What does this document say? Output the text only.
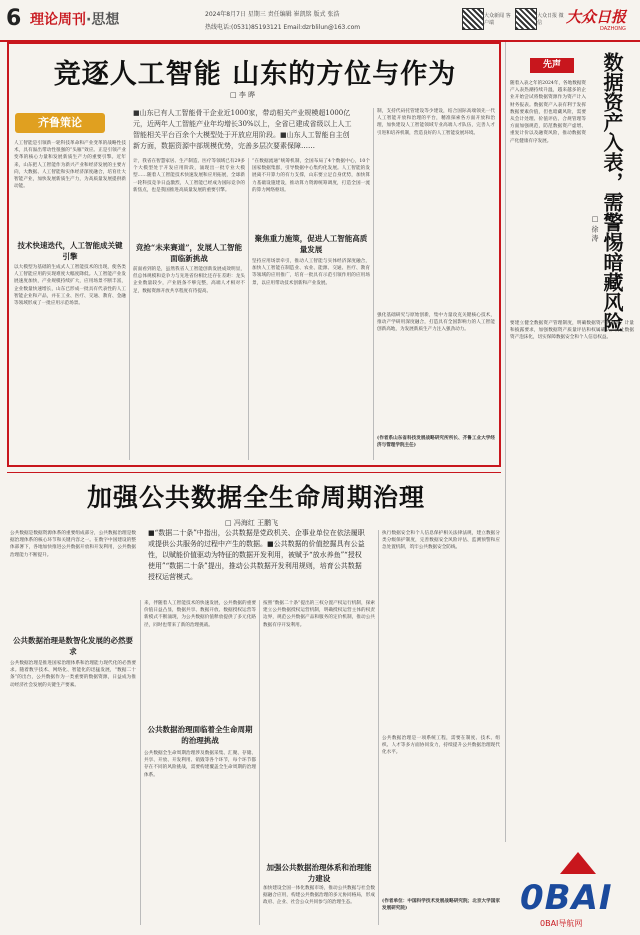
6 理论周刊·思想	2024年8月7日 星期三 责任编辑 崔凯铭 版式 张浩
热线电话:(0531)85193121 Email:dzrblilun@163.com
大众新闻 客户端
大众日报 微信	大众日报
DAZHONG
竞逐人工智能 山东的方位与作为
□ 李 晔
齐鲁策论
■山东已有人工智能骨干企业近1000家，带动相关产业规模超1000亿元，近两年人工智能产业年均增长30%以上，全省已建成省级以上人工智能相关平台百余个大模型处于开放应用阶段。■山东人工智能自主创新方面，数据资源中部规模优势，完善多层次要素保障……
人工智能是引领新一轮科技革命和产业变革的战略性技术，具有溢出带动性很强的“头雁”效应。正是引领产业变革的核心力量和发展新质生产力的重要引擎。近年来，山东把人工智能作为新兴产业和经济发展的主要方向，大数据、人工智能和实体经济深度融合，培育壮大智能产业，加快发展新质生产力，为高质量发展提供新动能。
技术快速迭代，人工智能成关键引擎
以大模型为基础的生成式人工智能技术的出现，使各类人工智能应用的实现难度大幅度降低。人工智能产业发展速度加快，产业规模持续扩大，应用场景不断丰富，企业数量快速增长，山东已形成一批具有代表性的人工智能企业和产品，并在工业、医疗、交通、教育、金融等领域形成了一批应用示范场景。
计，我省在智慧家居、生产制造、医疗等领域已有29多个大模型处于开发应用阶段，涌现出一批专业大模型……随着人工智能技术快速发展和应用拓展，全球新一轮科技竞争日益激烈，人工智能已经成为国际竞争的新焦点，也是我国推进高质量发展的重要引擎。
竞抢“未来赛道”，发展人工智能面临新挑战
前面看到的是，虽然我省人工智能创新发展成效明显，但总体规模和竞争力与先进省份相比还存在差距：龙头企业数量较少，产业链条不够完整，高端人才相对不足，数据资源开放共享程度有待提高。
“在数据流通”统筹机制，全国布局了4个数据中心，10个国家数据集群，引导数据中心集约化发展。人工智能的发展离不开算力的有力支撑，山东要立足自身优势，加快算力基础设施建设，推动算力资源统筹调度，打造全国一流的算力网络枢纽。
聚焦重力施策，促进人工智能高质量发展
坚持应用场景牵引，推动人工智能与实体经济深度融合，加快人工智能在制造业、农业、能源、交通、医疗、教育等领域的应用推广，培育一批具有示范引领作用的应用场景，以应用带动技术创新和产业发展。
制，支持代码托管建设等少建设，结合国际高端领先一代人工智能开放和治理的平台，精准探索各方面开放和治理，加快建设人工智能领域专业高端人才队伍，完善人才引进和培养机制，营造良好的人工智能发展环境。
强化基础研究与原始创新，集中力量攻克关键核心技术，推动产学研用深度融合，打造具有全国影响力的人工智能创新高地，为发展新质生产力注入强劲动力。
(作者系山东省科技发展战略研究所所长、齐鲁工业大学经济与管理学院主任)
先声	数据资产入表，需警惕暗藏风险
□ 徐 涛
随着入表之年的2024年，各地数据资产入表热潮持续升温，越来越多的企业开始尝试将数据资源作为资产计入财务报表。数据资产入表有利于发挥数据要素价值，但也暗藏风险，需要从会计处理、价值评估、合规管理等方面加强规范，防范数据资产虚增、重复计价以及融资风险，推动数据资产化健康有序发展。
要建立健全数据资产管理制度，明确数据资产的确认、计量和披露要求，加强数据资产质量评估和权属确认，防止数据资产泡沫化，切实保障数据安全和个人信息权益。
加强公共数据全生命周期治理
□ 冯海红 王鹏飞
■“数据二十条”中指出，公共数据是党政机关、企事业单位在依法履职或提供公共服务的过程中产生的数据。■公共数据的价值挖掘具有公益性，以赋能价值驱动为特征的数据开发利用，被赋予“放水养鱼”“授权使用”“数据二十条”提出，推动公共数据开发利用规则，培育公共数据授权运营模式。
公共数据是数据资源体系的重要组成部分，公共数据治理是数据治理体系的核心环节和关键内容之一。在数字中国建设的整体部署下，各地加快推进公共数据开放和开发利用，公共数据治理能力不断提升。
公共数据治理是数智化发展的必然要求
公共数据治理是推进国家治理体系和治理能力现代化的必然要求。随着数字技术、网络化、智能化的迅猛发展，“数据二十条”的出台，公共数据作为一类重要的数据资源，日益成为推动经济社会发展的关键生产要素。
来，伴随着人工智能技术的快速发展，公共数据的重要价值日益凸显，数据共享、数据开放、数据授权运营等新模式不断涌现，为公共数据价值释放提供了多元化路径，同时也带来了新的治理挑战。
公共数据治理面临着全生命周期的治理挑战
公共数据全生命周期治理涉及数据采集、汇聚、存储、共享、开放、开发利用、销毁等各个环节，每个环节都存在不同的风险挑战，需要构建覆盖全生命周期的治理体系。
按照“数据二十条”提出的三权分置产权运行机制，探索建立公共数据授权运营机制，明确授权运营主体的权责边界，规范公共数据产品和服务的定价机制，推动公共数据有序开发利用。
加强公共数据治理体系和治理能力建设
加快建设全国一体化数据市场，推动公共数据与社会数据融合应用，构建公共数据治理的多元协同格局，形成政府、企业、社会公众共同参与的治理生态。
执行数据安全和个人信息保护相关法律法规，建立数据分类分级保护制度，完善数据安全风险评估、监测预警和应急处置机制，筑牢公共数据安全防线。
公共数据治理是一项系统工程，需要在制度、技术、组织、人才等多方面协同发力，持续提升公共数据治理现代化水平。
(作者单位：中国科学技术发展战略研究院；北京大学国家发展研究院)	0BAI
0BAI导航网
